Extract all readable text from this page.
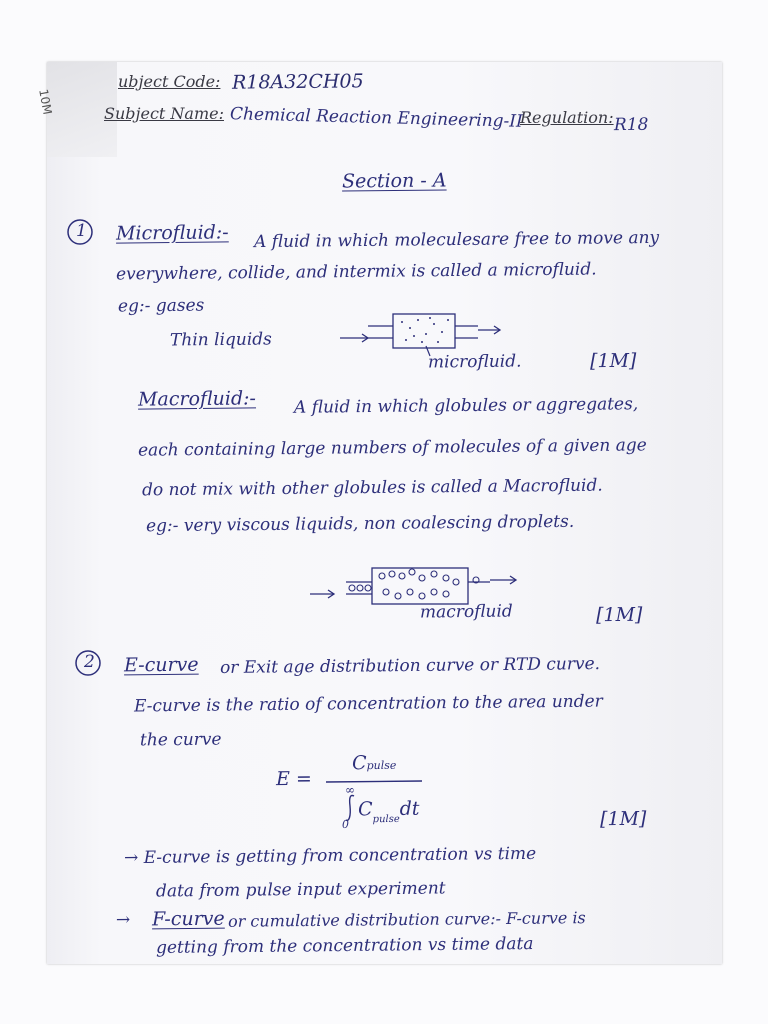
10M
ubject Code: R18A32CH05
Subject Name: Chemical Reaction Engineering-II
Regulation: R18
Section - A
1 Microfluid:- A fluid in which moleculesare free to move any
everywhere, collide, and intermix is called a microfluid.
eg:- gases
Thin liquids
microfluid.	[1M]
Macrofluid:- A fluid in which globules or aggregates,
each containing large numbers of molecules of a given age
do not mix with other globules is called a Macrofluid.
eg:- very viscous liquids, non coalescing droplets.
macrofluid	[1M]
2 E-curve or Exit age distribution curve or RTD curve.
E-curve is the ratio of concentration to the area under
the curve
E =
Cpulse
∞
0
$C_{pulse}dt$	[1M]
→ E-curve is getting from concentration vs time
data from pulse input experiment
→ F-curve or cumulative distribution curve:- F-curve is
getting from the concentration vs time data
